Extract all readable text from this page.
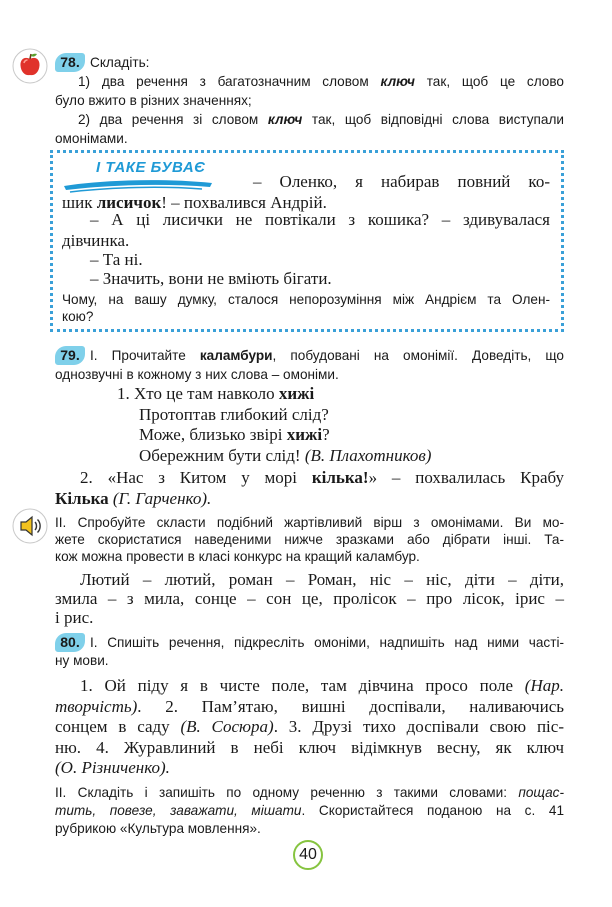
78. Складіть:
1) два речення з багатозначним словом ключ так, щоб це слово
було вжито в різних значеннях;
2) два речення зі словом ключ так, щоб відповідні слова виступали
омонімами.
І ТАКЕ БУВАЄ
– Оленко, я набирав повний ко-
шик лисичок! – похвалився Андрій.
– А ці лисички не повтікали з кошика? – здивувалася
дівчинка.
– Та ні.
– Значить, вони не вміють бігати.
Чому, на вашу думку, сталося непорозуміння між Андрієм та Олен-
кою?
79. І. Прочитайте каламбури, побудовані на омонімії. Доведіть, що
однозвучні в кожному з них слова – омоніми.
1. Хто це там навколо хижі
Протоптав глибокий слід?
Може, близько звірі хижі?
Обережним бути слід! (В. Плахотников)
2. «Нас з Китом у морі кілька!» – похвалилась Крабу
Кілька (Г. Гарченко).
ІІ. Спробуйте скласти подібний жартівливий вірш з омонімами. Ви мо-
жете скористатися наведеними нижче зразками або дібрати інші. Та-
кож можна провести в класі конкурс на кращий каламбур.
Лютий – лютий, роман – Роман, ніс – ніс, діти – діти,
змила – з мила, сонце – сон це, пролісок – про лісок, ірис –
і рис.
80. І. Спишіть речення, підкресліть омоніми, надпишіть над ними часті-
ну мови.
1. Ой піду я в чисте поле, там дівчина просо поле (Нар.
творчість). 2. Пам’ятаю, вишні доспівали, наливаючись
сонцем в саду (В. Сосюра). 3. Друзі тихо доспівали свою піс-
ню. 4. Журавлиний в небі ключ відімкнув весну, як ключ
(О. Різниченко).
ІІ. Складіть і запишіть по одному реченню з такими словами: пощас-
тить, повезе, заважати, мішати. Скористайтеся поданою на с. 41
рубрикою «Культура мовлення».
40
